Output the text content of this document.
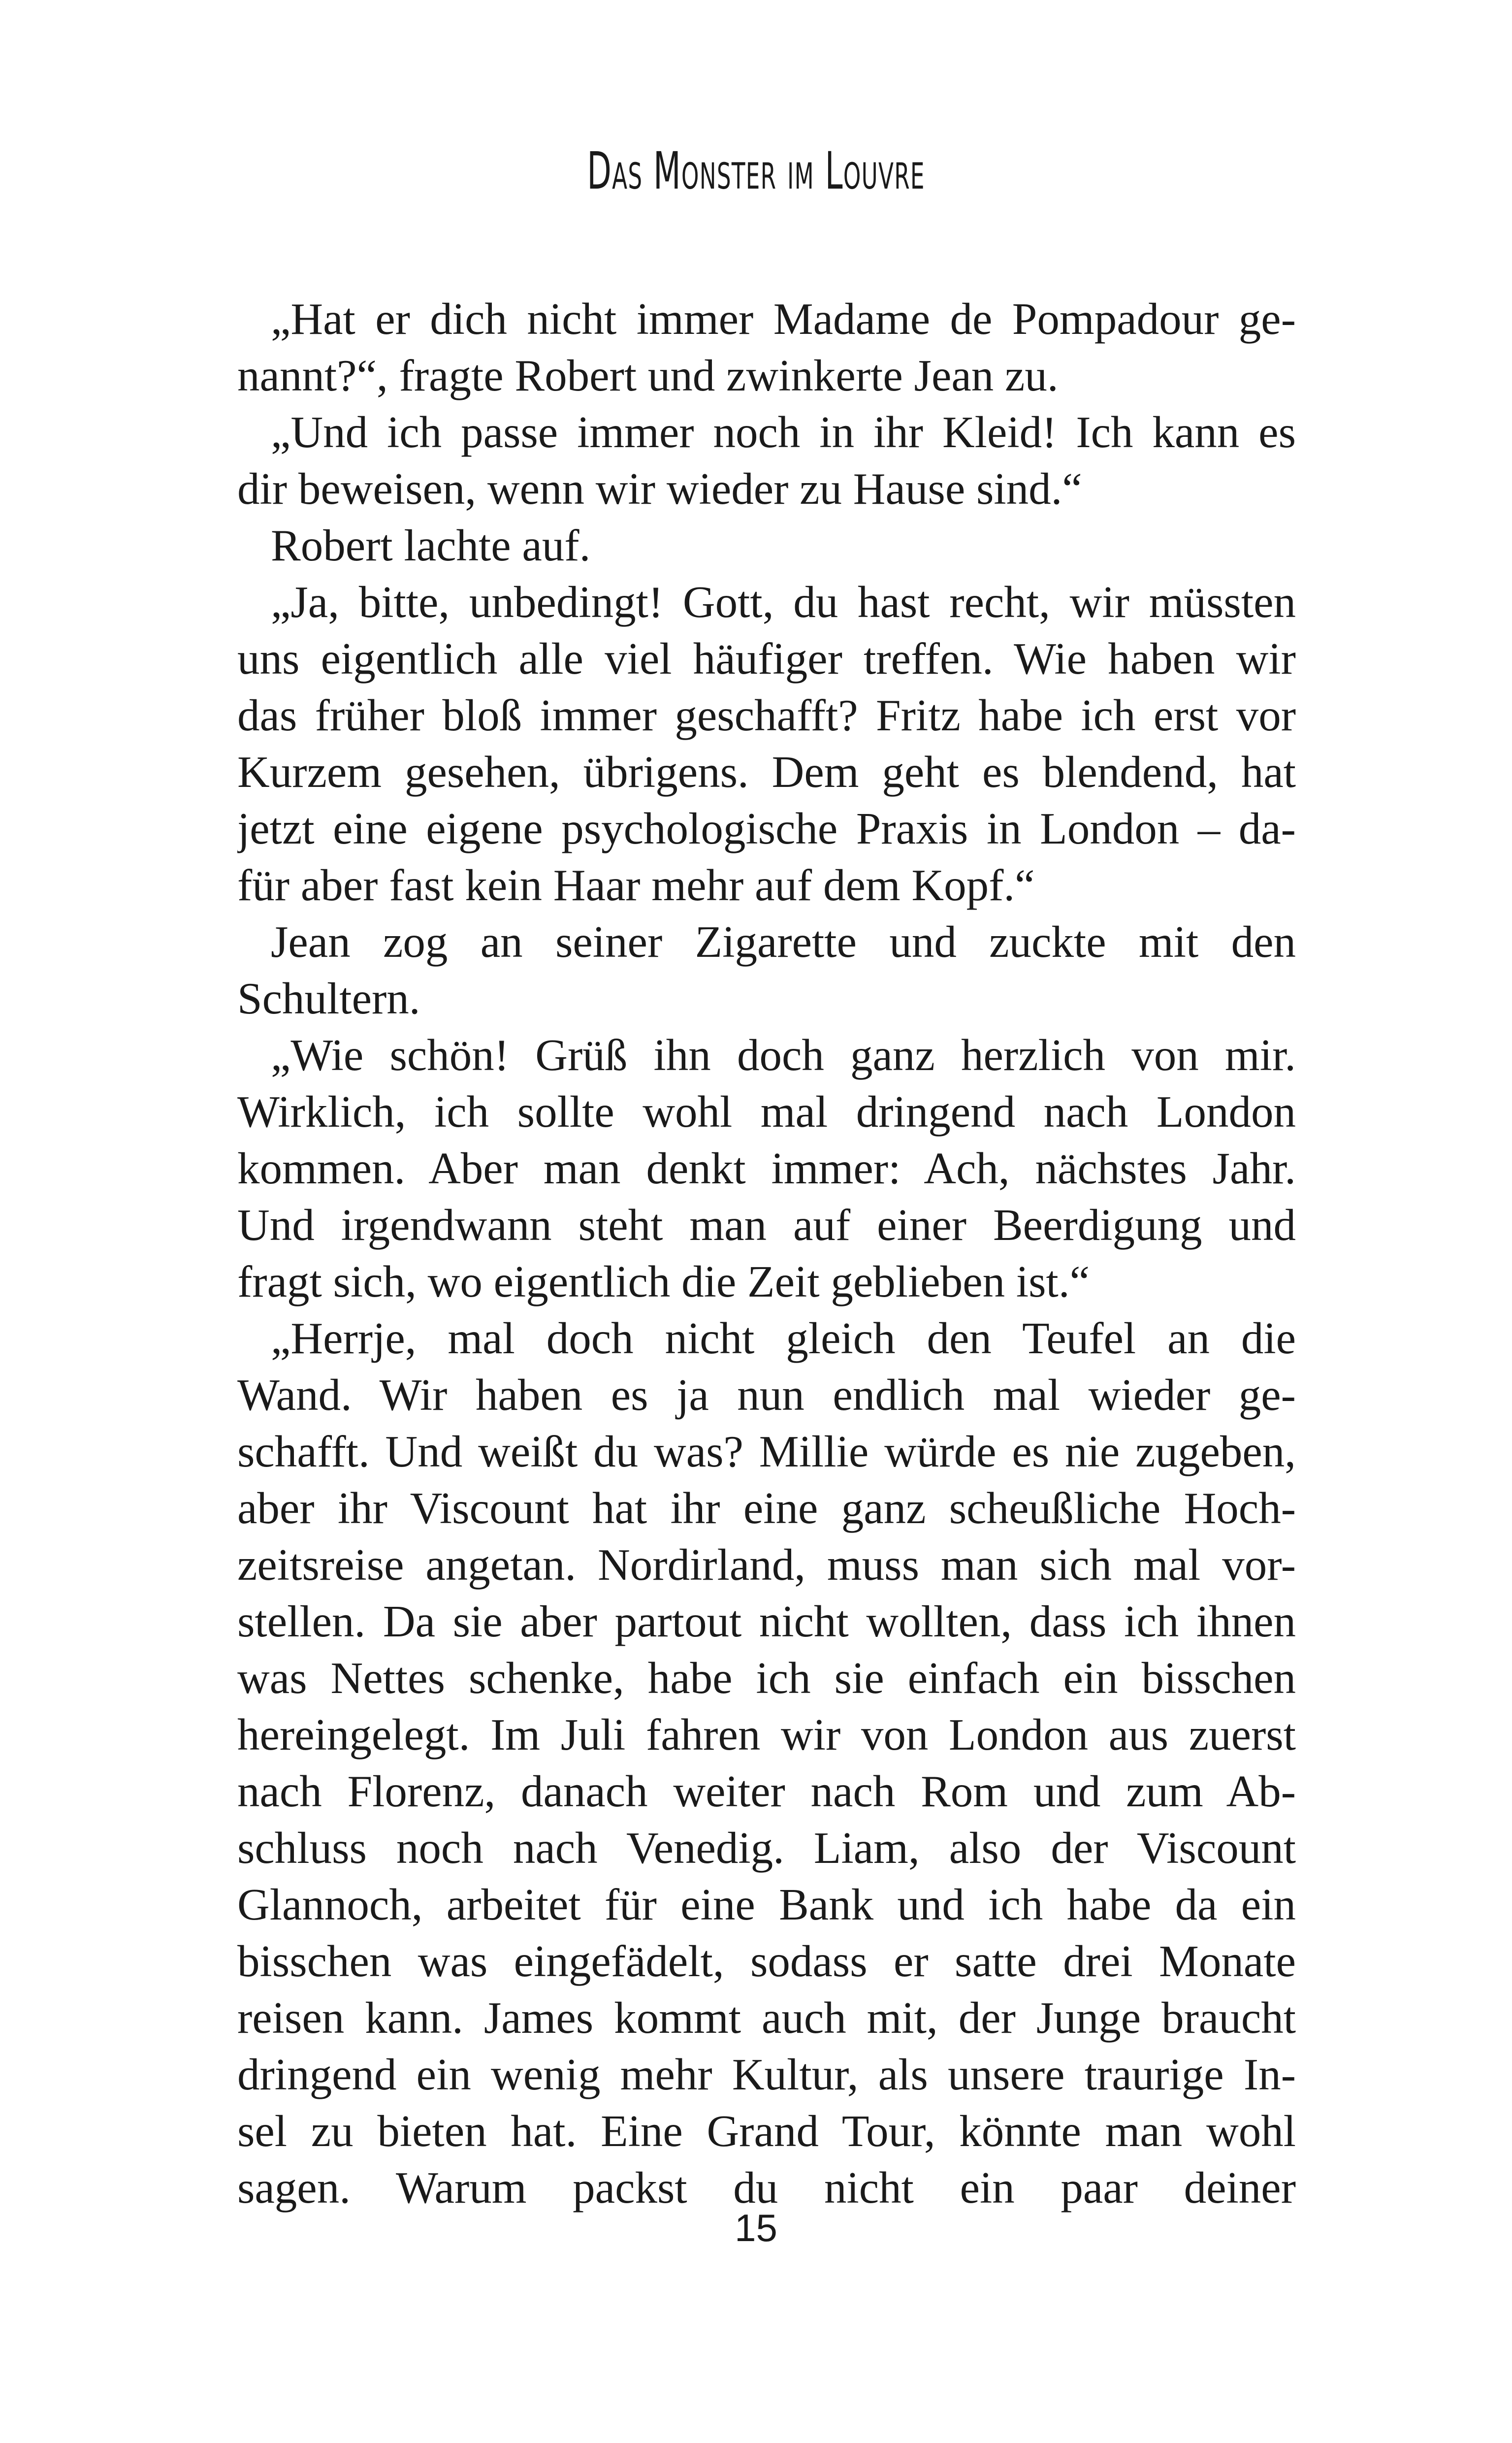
Das Monster im Louvre
„Hat er dich nicht immer Madame de Pompadour ge-
nannt?“, fragte Robert und zwinkerte Jean zu.
„Und ich passe immer noch in ihr Kleid! Ich kann es
dir beweisen, wenn wir wieder zu Hause sind.“
Robert lachte auf.
„Ja, bitte, unbedingt! Gott, du hast recht, wir müssten
uns eigentlich alle viel häufiger treffen. Wie haben wir
das früher bloß immer geschafft? Fritz habe ich erst vor
Kurzem gesehen, übrigens. Dem geht es blendend, hat
jetzt eine eigene psychologische Praxis in London – da-
für aber fast kein Haar mehr auf dem Kopf.“
Jean zog an seiner Zigarette und zuckte mit den
Schultern.
„Wie schön! Grüß ihn doch ganz herzlich von mir.
Wirklich, ich sollte wohl mal dringend nach London
kommen. Aber man denkt immer: Ach, nächstes Jahr.
Und irgendwann steht man auf einer Beerdigung und
fragt sich, wo eigentlich die Zeit geblieben ist.“
„Herrje, mal doch nicht gleich den Teufel an die
Wand. Wir haben es ja nun endlich mal wieder ge-
schafft. Und weißt du was? Millie würde es nie zugeben,
aber ihr Viscount hat ihr eine ganz scheußliche Hoch-
zeitsreise angetan. Nordirland, muss man sich mal vor-
stellen. Da sie aber partout nicht wollten, dass ich ihnen
was Nettes schenke, habe ich sie einfach ein bisschen
hereingelegt. Im Juli fahren wir von London aus zuerst
nach Florenz, danach weiter nach Rom und zum Ab-
schluss noch nach Venedig. Liam, also der Viscount
Glannoch, arbeitet für eine Bank und ich habe da ein
bisschen was eingefädelt, sodass er satte drei Monate
reisen kann. James kommt auch mit, der Junge braucht
dringend ein wenig mehr Kultur, als unsere traurige In-
sel zu bieten hat. Eine Grand Tour, könnte man wohl
sagen. Warum packst du nicht ein paar deiner
15
